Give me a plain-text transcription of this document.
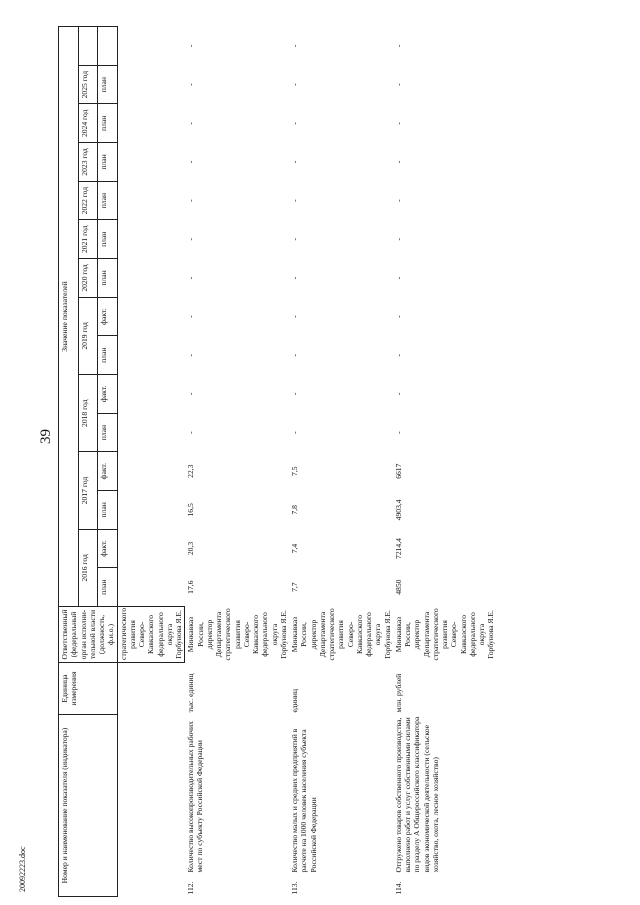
39
20092223.doc	Номер и наименование показателя (индикатора)		Единица измерения	Ответственный (федеральный орган исполни-тельной власти (должность, ф.и.о.)	Значение показателей														
				2016 год		2017 год		2018 год		2019 год		2020 год	2021 год	2022 год	2023 год	2024 год	2025 год	
				план	факт.	план	факт.	план	факт.	план	факт.	план	план	план	план	план	план	
			стратегического развития Северо-Кавказского федерального округа Горбунова Я.Е.															
112.	Количество высокопроизводительных рабочих мест по субъекту Российской Федерации	тыс. единиц	Минкавказ России, директор Департамента стратегического развития Северо-Кавказского федерального округа Горбунова Я.Е.	17,6	20,3	16,5	22,3	-	-	-	-	-	-	-	-	-	-	-
113.	Количество малых и средних предприятий в расчете на 1000 человек населения субъекта Российской Федерации	единиц	Минкавказ России, директор Департамента стратегического развития Северо-Кавказского федерального округа Горбунова Я.Е.	7,7	7,4	7,8	7,5	-	-	-	-	-	-	-	-	-	-	-
114.	Отгружено товаров собственного производства, выполнено работ и услуг собственными силами по разделу А Общероссийского классификатора видов экономической деятельности (сельское хозяйство, охота, лесное хозяйство)	млн. рублей	Минкавказ России, директор Департамента стратегического развития Северо-Кавказского федерального округа Горбунова Я.Е.	4850	7214,4	4903,4	6617	-	-	-	-	-	-	-	-	-	-	-
